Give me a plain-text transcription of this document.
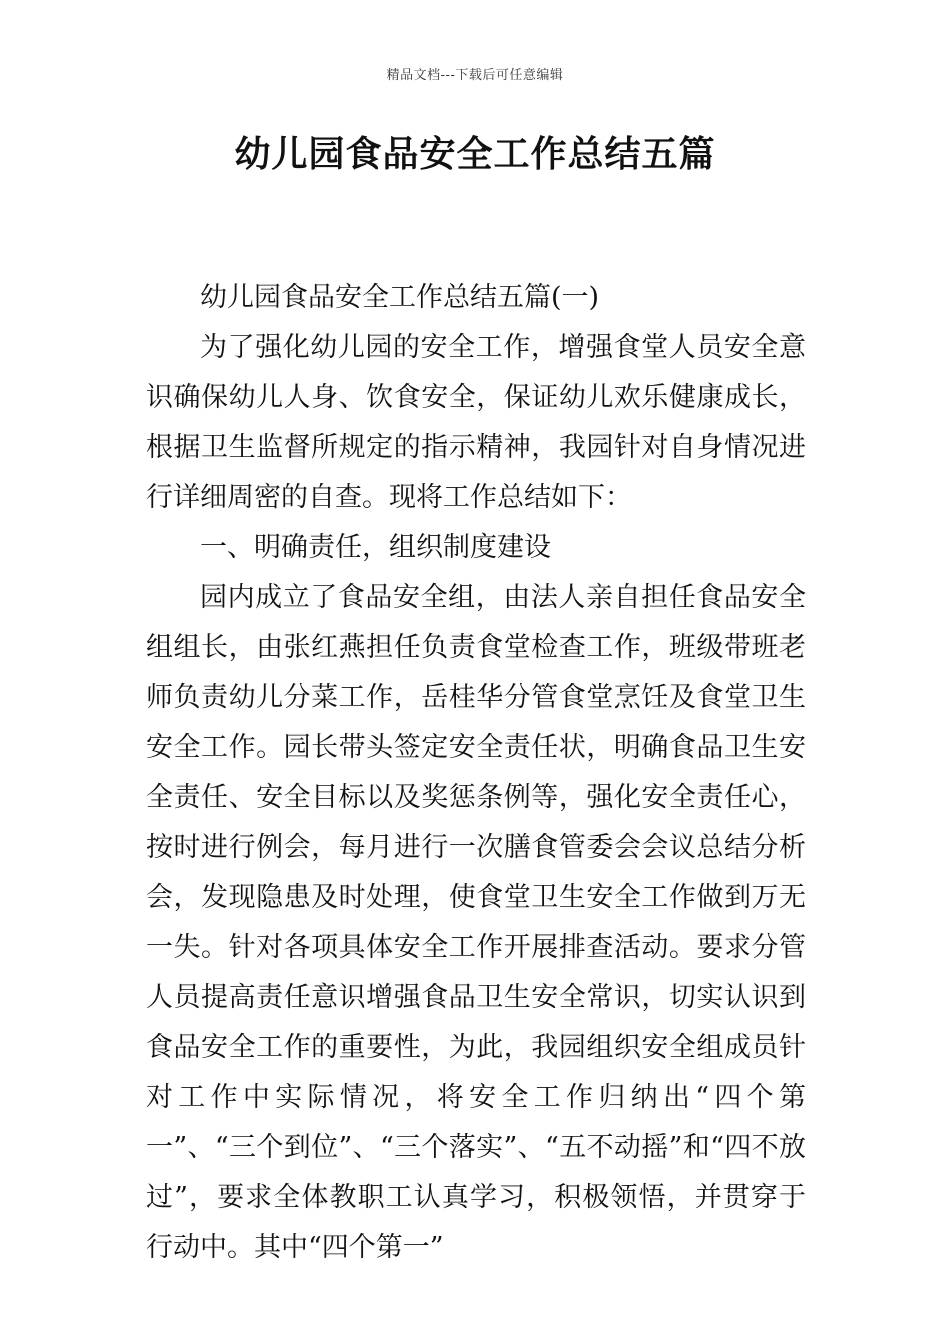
精品文档---下载后可任意编辑
幼儿园食品安全工作总结五篇

幼儿园食品安全工作总结五篇(一)

为了强化幼儿园的安全工作，增强食堂人员安全意识确保幼儿人身、饮食安全，保证幼儿欢乐健康成长，根据卫生监督所规定的指示精神，我园针对自身情况进行详细周密的自查。现将工作总结如下：

一、明确责任，组织制度建设

园内成立了食品安全组，由法人亲自担任食品安全组组长，由张红燕担任负责食堂检查工作，班级带班老师负责幼儿分菜工作，岳桂华分管食堂烹饪及食堂卫生安全工作。园长带头签定安全责任状，明确食品卫生安全责任、安全目标以及奖惩条例等，强化安全责任心，按时进行例会，每月进行一次膳食管委会会议总结分析会，发现隐患及时处理，使食堂卫生安全工作做到万无一失。针对各项具体安全工作开展排查活动。要求分管人员提高责任意识增强食品卫生安全常识，切实认识到食品安全工作的重要性，为此，我园组织安全组成员针对工作中实际情况，将安全工作归纳出“四个第一”、“三个到位”、“三个落实”、“五不动摇”和“四不放过”，要求全体教职工认真学习，积极领悟，并贯穿于行动中。其中“四个第一”
